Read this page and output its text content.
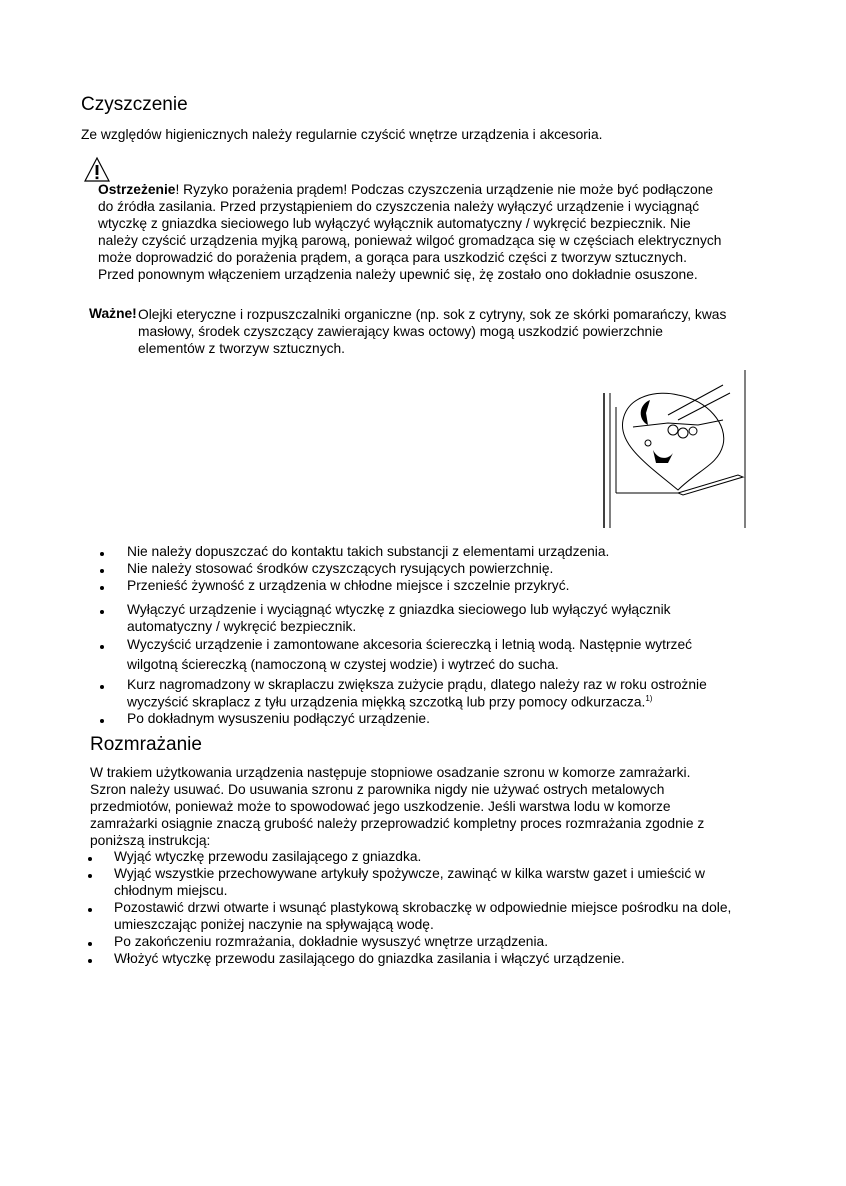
Czyszczenie
Ze względów higienicznych należy regularnie czyścić wnętrze urządzenia i akcesoria.
Ostrzeżenie! Ryzyko porażenia prądem! Podczas czyszczenia urządzenie nie może być podłączone
do źródła zasilania. Przed przystąpieniem do czyszczenia należy wyłączyć urządzenie i wyciągnąć
wtyczkę z gniazdka sieciowego lub wyłączyć wyłącznik automatyczny / wykręcić bezpiecznik. Nie
należy czyścić urządzenia myjką parową, ponieważ wilgoć gromadząca się w częściach elektrycznych
może doprowadzić do porażenia prądem, a gorąca para uszkodzić części z tworzyw sztucznych.
Przed ponownym włączeniem urządzenia należy upewnić się, żę zostało ono dokładnie osuszone.
Ważne! Olejki eteryczne i rozpuszczalniki organiczne (np. sok z cytryny, sok ze skórki pomarańczy, kwas
masłowy, środek czyszczący zawierający kwas octowy) mogą uszkodzić powierzchnie
elementów z tworzyw sztucznych.
Nie należy dopuszczać do kontaktu takich substancji z elementami urządzenia.
Nie należy stosować środków czyszczących rysujących powierzchnię.
Przenieść żywność z urządzenia w chłodne miejsce i szczelnie przykryć.
Wyłączyć urządzenie i wyciągnąć wtyczkę z gniazdka sieciowego lub wyłączyć wyłącznik
automatyczny / wykręcić bezpiecznik.
Wyczyścić urządzenie i zamontowane akcesoria ściereczką i letnią wodą. Następnie wytrzeć
wilgotną ściereczką (namoczoną w czystej wodzie) i wytrzeć do sucha.
Kurz nagromadzony w skraplaczu zwiększa zużycie prądu, dlatego należy raz w roku ostrożnie
wyczyścić skraplacz z tyłu urządzenia miękką szczotką lub przy pomocy odkurzacza.$^{1)}$
Po dokładnym wysuszeniu podłączyć urządzenie.
Rozmrażanie
W trakiem użytkowania urządzenia następuje stopniowe osadzanie szronu w komorze zamrażarki.
Szron należy usuwać. Do usuwania szronu z parownika nigdy nie używać ostrych metalowych
przedmiotów, ponieważ może to spowodować jego uszkodzenie. Jeśli warstwa lodu w komorze
zamrażarki osiągnie znaczą grubość należy przeprowadzić kompletny proces rozmrażania zgodnie z
poniższą instrukcją:
Wyjąć wtyczkę przewodu zasilającego z gniazdka.
Wyjąć wszystkie przechowywane artykuły spożywcze, zawinąć w kilka warstw gazet i umieścić w
chłodnym miejscu.
Pozostawić drzwi otwarte i wsunąć plastykową skrobaczkę w odpowiednie miejsce pośrodku na dole,
umieszczając poniżej naczynie na spływającą wodę.
Po zakończeniu rozmrażania, dokładnie wysuszyć wnętrze urządzenia.
Włożyć wtyczkę przewodu zasilającego do gniazdka zasilania i włączyć urządzenie.
